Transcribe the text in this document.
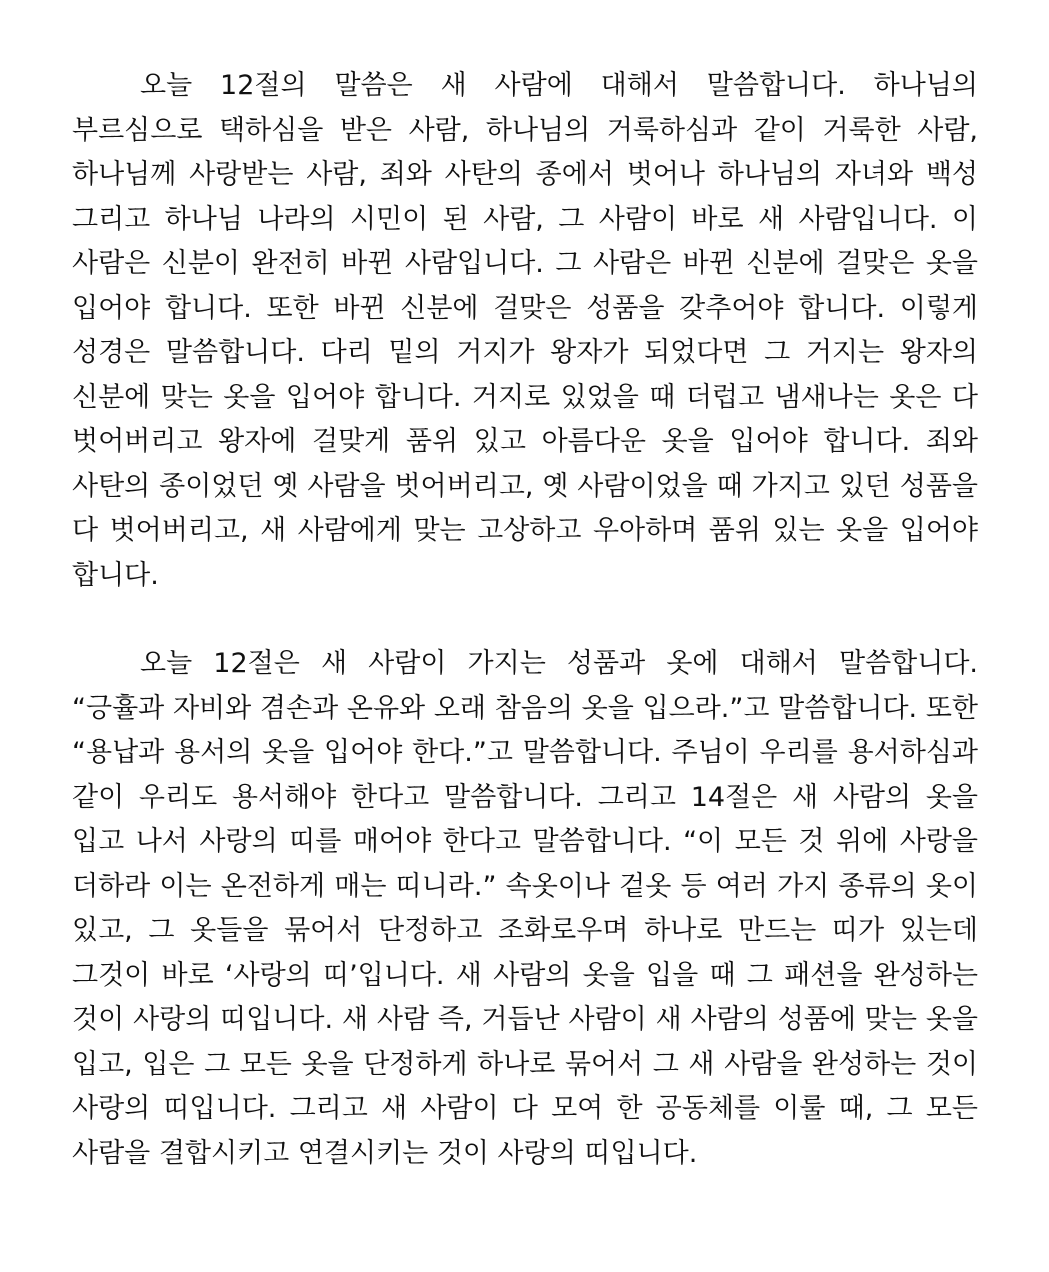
오늘 12절의 말씀은 새 사람에 대해서 말씀합니다. 하나님의 부르심으로 택하심을 받은 사람, 하나님의 거룩하심과 같이 거룩한 사람, 하나님께 사랑받는 사람, 죄와 사탄의 종에서 벗어나 하나님의 자녀와 백성 그리고 하나님 나라의 시민이 된 사람, 그 사람이 바로 새 사람입니다. 이 사람은 신분이 완전히 바뀐 사람입니다. 그 사람은 바뀐 신분에 걸맞은 옷을 입어야 합니다. 또한 바뀐 신분에 걸맞은 성품을 갖추어야 합니다. 이렇게 성경은 말씀합니다. 다리 밑의 거지가 왕자가 되었다면 그 거지는 왕자의 신분에 맞는 옷을 입어야 합니다. 거지로 있었을 때 더럽고 냄새나는 옷은 다 벗어버리고 왕자에 걸맞게 품위 있고 아름다운 옷을 입어야 합니다. 죄와 사탄의 종이었던 옛 사람을 벗어버리고, 옛 사람이었을 때 가지고 있던 성품을 다 벗어버리고, 새 사람에게 맞는 고상하고 우아하며 품위 있는 옷을 입어야 합니다.

오늘 12절은 새 사람이 가지는 성품과 옷에 대해서 말씀합니다. “긍휼과 자비와 겸손과 온유와 오래 참음의 옷을 입으라.”고 말씀합니다. 또한 “용납과 용서의 옷을 입어야 한다.”고 말씀합니다. 주님이 우리를 용서하심과 같이 우리도 용서해야 한다고 말씀합니다. 그리고 14절은 새 사람의 옷을 입고 나서 사랑의 띠를 매어야 한다고 말씀합니다. “이 모든 것 위에 사랑을 더하라 이는 온전하게 매는 띠니라.” 속옷이나 겉옷 등 여러 가지 종류의 옷이 있고, 그 옷들을 묶어서 단정하고 조화로우며 하나로 만드는 띠가 있는데 그것이 바로 ‘사랑의 띠’입니다. 새 사람의 옷을 입을 때 그 패션을 완성하는 것이 사랑의 띠입니다. 새 사람 즉, 거듭난 사람이 새 사람의 성품에 맞는 옷을 입고, 입은 그 모든 옷을 단정하게 하나로 묶어서 그 새 사람을 완성하는 것이 사랑의 띠입니다. 그리고 새 사람이 다 모여 한 공동체를 이룰 때, 그 모든 사람을 결합시키고 연결시키는 것이 사랑의 띠입니다.
